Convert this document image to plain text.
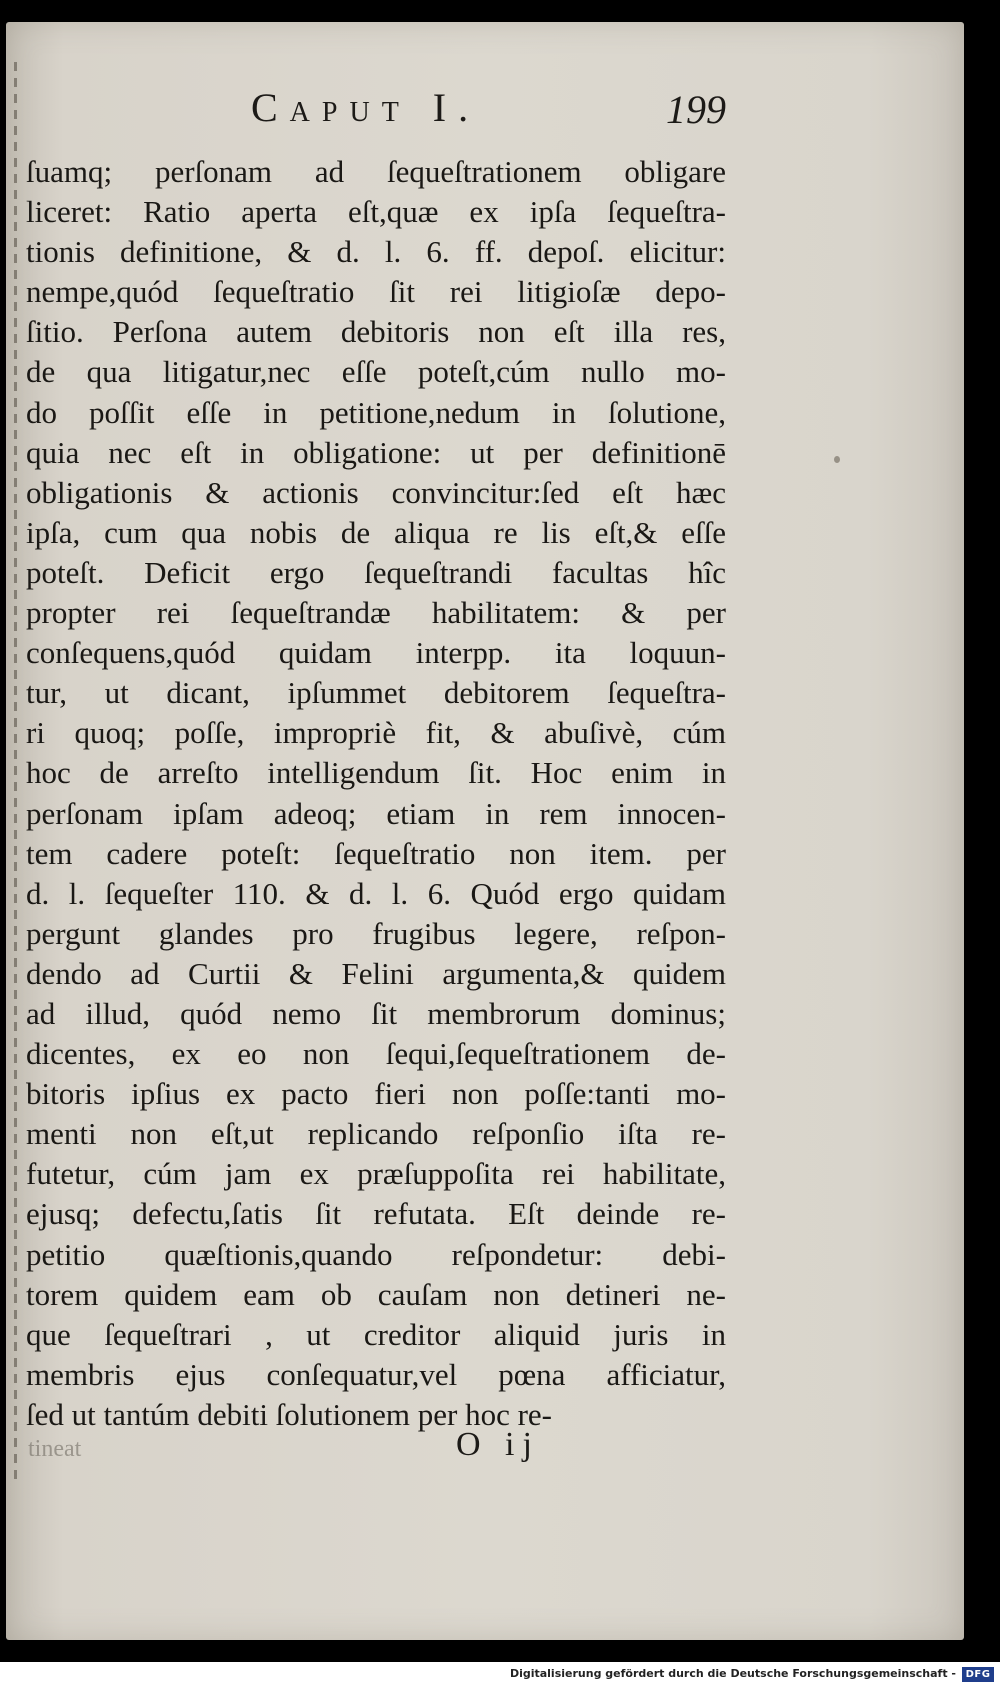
Caput I.	199
ſuamq; perſonam ad ſequeſtrationem obligare
liceret: Ratio aperta eſt,quæ ex ipſa ſequeſtra-
tionis definitione, & d. l. 6. ff. depoſ. elicitur:
nempe,quód ſequeſtratio ſit rei litigioſæ depo-
ſitio. Perſona autem debitoris non eſt illa res,
de qua litigatur,nec eſſe poteſt,cúm nullo mo-
do poſſit eſſe in petitione,nedum in ſolutione,
quia nec eſt in obligatione: ut per definitionē
obligationis & actionis convincitur:ſed eſt hæc
ipſa, cum qua nobis de aliqua re lis eſt,& eſſe
poteſt. Deficit ergo ſequeſtrandi facultas hîc
propter rei ſequeſtrandæ habilitatem: & per
conſequens,quód quidam interpp. ita loquun-
tur, ut dicant, ipſummet debitorem ſequeſtra-
ri quoq; poſſe, impropriè fit, & abuſivè, cúm
hoc de arreſto intelligendum ſit. Hoc enim in
perſonam ipſam adeoq; etiam in rem innocen-
tem cadere poteſt: ſequeſtratio non item. per
d. l. ſequeſter 110. & d. l. 6. Quód ergo quidam
pergunt glandes pro frugibus legere, reſpon-
dendo ad Curtii & Felini argumenta,& quidem
ad illud, quód nemo ſit membrorum dominus;
dicentes, ex eo non ſequi,ſequeſtrationem de-
bitoris ipſius ex pacto fieri non poſſe:tanti mo-
menti non eſt,ut replicando reſponſio iſta re-
futetur, cúm jam ex præſuppoſita rei habilitate,
ejusq; defectu,ſatis ſit refutata. Eſt deinde re-
petitio quæſtionis,quando reſpondetur: debi-
torem quidem eam ob cauſam non detineri ne-
que ſequeſtrari , ut creditor aliquid juris in
membris ejus conſequatur,vel pœna afficiatur,
ſed ut tantúm debiti ſolutionem per hoc re-
tineat	O ij
Digitalisierung gefördert durch die Deutsche Forschungsgemeinschaft - DFG
